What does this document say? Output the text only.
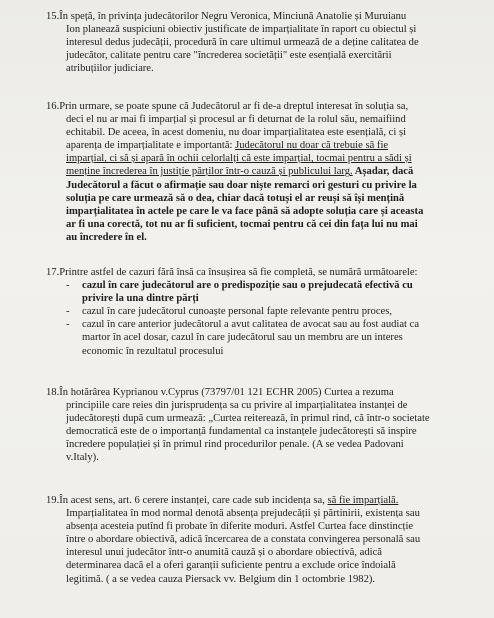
15.În speță, în privința judecătorilor Negru Veronica, Minciună Anatolie și Muruianu
Ion planează suspiciuni obiectiv justificate de imparțialitate în raport cu obiectul și
interesul dedus judecății, procedură în care ultimul urmează de a deține calitatea de
judecător, calitate pentru care "încrederea societății" este esențială exercitării
atribuțiilor judiciare.
16.Prin urmare, se poate spune că Judecătorul ar fi de-a dreptul interesat în soluția sa,
deci el nu ar mai fi imparțial și procesul ar fi deturnat de la rolul său, nemaifiind
echitabil. De aceea, în acest domeniu, nu doar imparțialitatea este esențială, ci și
aparența de imparțialitate e importantă: Judecătorul nu doar că trebuie să fie
imparțial, ci să și apară în ochii celorlalți că este imparțial, tocmai pentru a sădi și
menține încrederea în justiție părților într-o cauză și publicului larg. Așadar, dacă
Judecătorul a făcut o afirmație sau doar niște remarci ori gesturi cu privire la
soluția pe care urmează să o dea, chiar dacă totuși el ar reuși să își mențină
imparțialitatea în actele pe care le va face până să adopte soluția care și aceasta
ar fi una corectă, tot nu ar fi suficient, tocmai pentru că cei din fața lui nu mai
au încredere în el.
17.Printre astfel de cazuri fără însă ca însușirea să fie completă, se numără următoarele:
- cazul în care judecătorul are o predispoziție sau o prejudecată efectivă cu
privire la una dintre părți
- cazul în care judecătorul cunoaște personal fapte relevante pentru proces,
- cazul în care anterior judecătorul a avut calitatea de avocat sau au fost audiat ca
martor în acel dosar, cazul în care judecătorul sau un membru are un interes
economic în rezultatul procesului
18.În hotărârea Kyprianou v.Cyprus (73797/01 121 ECHR 2005) Curtea a rezuma
principiile care reies din jurisprudența sa cu privire al imparțialitatea instanței de
judecătorești după cum urmează: „Curtea reiterează, în primul rind, că într-o societate
democratică este de o importanță fundamental ca instanțele judecătorești să inspire
încredere populației și în primul rind procedurilor penale. (A se vedea Padovani
v.Italy).
19.În acest sens, art. 6 cerere instanței, care cade sub incidența sa, să fie imparțială.
Imparțialitatea în mod normal denotă absența prejudecății și părtinirii, existența sau
absența acesteia putînd fi probate în diferite moduri. Astfel Curtea face dinstincție
între o abordare obiectivă, adică încercarea de a constata convingerea personală sau
interesul unui judecător într-o anumită cauză și o abordare obiectivă, adică
determinarea dacă el a oferi garanții suficiente pentru a exclude orice îndoială
legitimă. ( a se vedea cauza Piersack vv. Belgium din 1 octombrie 1982).
